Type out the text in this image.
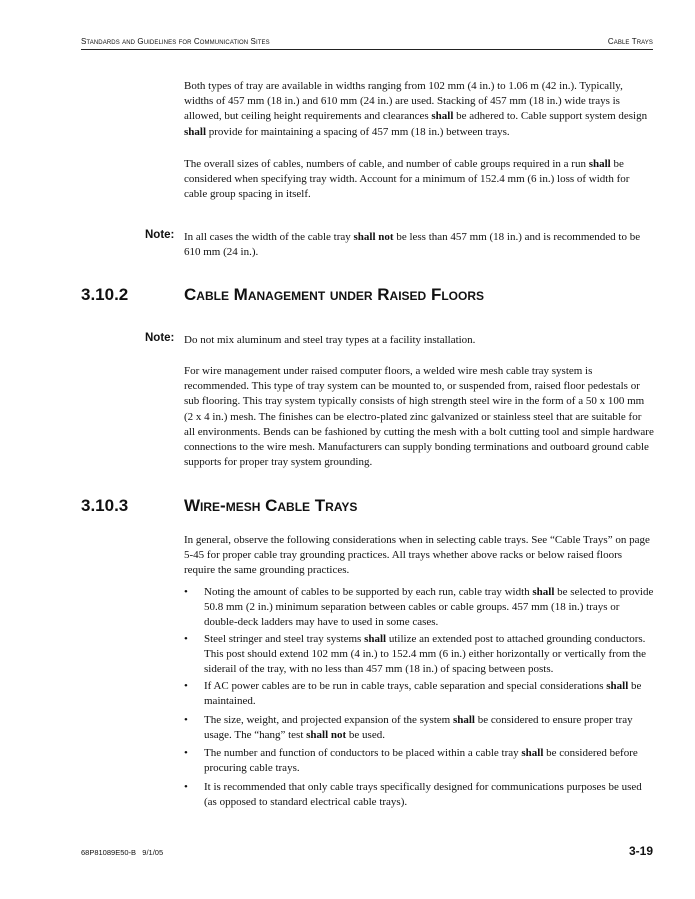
Standards and Guidelines for Communication Sites	Cable Trays

Both types of tray are available in widths ranging from 102 mm (4 in.) to 1.06 m (42 in.). Typically, widths of 457 mm (18 in.) and 610 mm (24 in.) are used. Stacking of 457 mm (18 in.) wide trays is allowed, but ceiling height requirements and clearances shall be adhered to. Cable support system design shall provide for maintaining a spacing of 457 mm (18 in.) between trays.

The overall sizes of cables, numbers of cable, and number of cable groups required in a run shall be considered when specifying tray width. Account for a minimum of 152.4 mm (6 in.) loss of width for cable group spacing in itself.

Note: In all cases the width of the cable tray shall not be less than 457 mm (18 in.) and is recommended to be 610 mm (24 in.).

3.10.2	Cable Management under Raised Floors
Note: Do not mix aluminum and steel tray types at a facility installation.

For wire management under raised computer floors, a welded wire mesh cable tray system is recommended. This type of tray system can be mounted to, or suspended from, raised floor pedestals or sub flooring. This tray system typically consists of high strength steel wire in the form of a 50 x 100 mm (2 x 4 in.) mesh. The finishes can be electro-plated zinc galvanized or stainless steel that are suitable for all environments. Bends can be fashioned by cutting the mesh with a bolt cutting tool and simple hardware connections to the wire mesh. Manufacturers can supply bonding terminations and outboard ground cable supports for proper tray system grounding.

3.10.3	Wire-mesh Cable Trays

In general, observe the following considerations when in selecting cable trays. See “Cable Trays” on page 5-45 for proper cable tray grounding practices. All trays whether above racks or below raised floors require the same grounding practices.

• Noting the amount of cables to be supported by each run, cable tray width shall be selected to provide 50.8 mm (2 in.) minimum separation between cables or cable groups. 457 mm (18 in.) trays or double-deck ladders may have to used in some cases.
• Steel stringer and steel tray systems shall utilize an extended post to attached grounding conductors. This post should extend 102 mm (4 in.) to 152.4 mm (6 in.) either horizontally or vertically from the siderail of the tray, with no less than 457 mm (18 in.) of spacing between posts.
• If AC power cables are to be run in cable trays, cable separation and special considerations shall be maintained.
• The size, weight, and projected expansion of the system shall be considered to ensure proper tray usage. The “hang” test shall not be used.
• The number and function of conductors to be placed within a cable tray shall be considered before procuring cable trays.
• It is recommended that only cable trays specifically designed for communications purposes be used (as opposed to standard electrical cable trays).
68P81089E50-B   9/1/05	3-19
